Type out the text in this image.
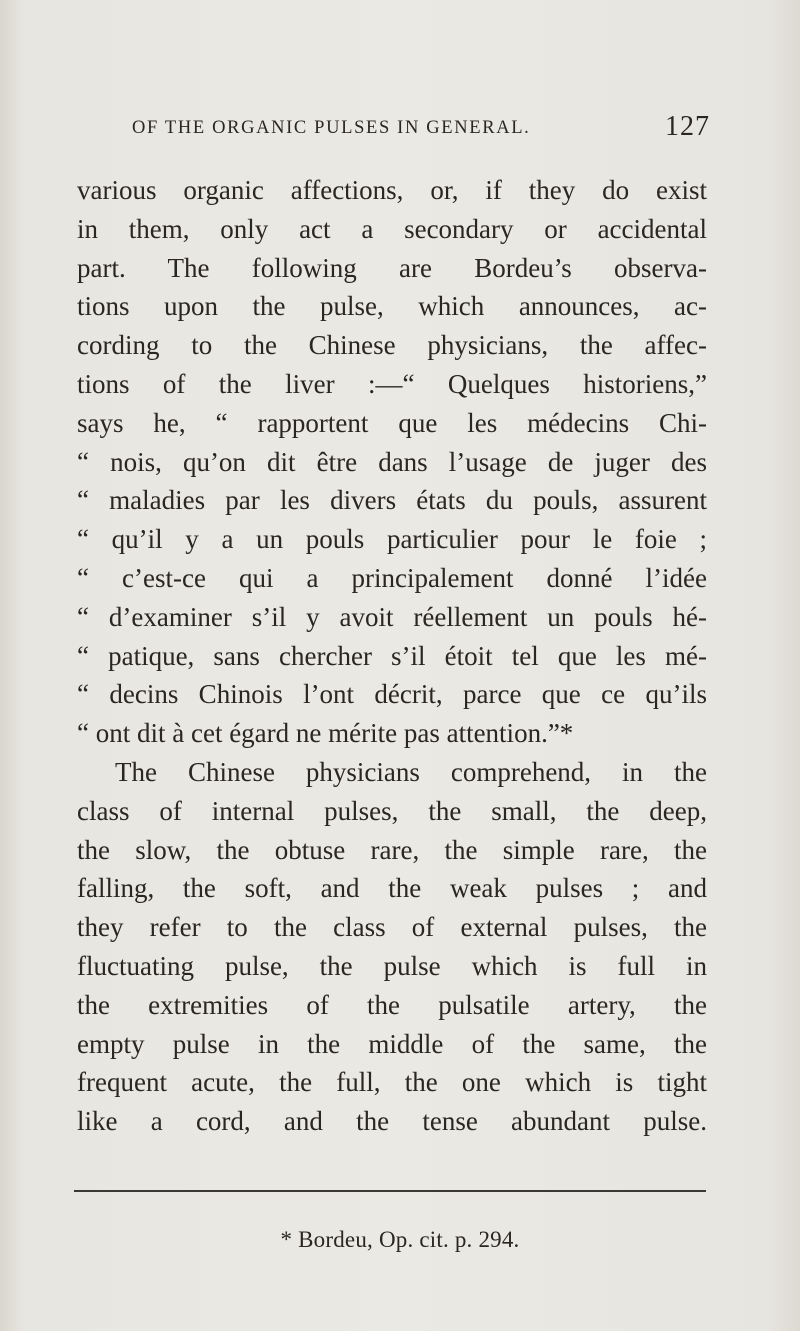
OF THE ORGANIC PULSES IN GENERAL.	127
various organic affections, or, if they do exist
in them, only act a secondary or accidental
part. The following are Bordeu’s observa-
tions upon the pulse, which announces, ac-
cording to the Chinese physicians, the affec-
tions of the liver :—“ Quelques historiens,”
says he, “ rapportent que les médecins Chi-
“ nois, qu’on dit être dans l’usage de juger des
“ maladies par les divers états du pouls, assurent
“ qu’il y a un pouls particulier pour le foie ;
“ c’est-ce qui a principalement donné l’idée
“ d’examiner s’il y avoit réellement un pouls hé-
“ patique, sans chercher s’il étoit tel que les mé-
“ decins Chinois l’ont décrit, parce que ce qu’ils
“ ont dit à cet égard ne mérite pas attention.”*
The Chinese physicians comprehend, in the
class of internal pulses, the small, the deep,
the slow, the obtuse rare, the simple rare, the
falling, the soft, and the weak pulses ; and
they refer to the class of external pulses, the
fluctuating pulse, the pulse which is full in
the extremities of the pulsatile artery, the
empty pulse in the middle of the same, the
frequent acute, the full, the one which is tight
like a cord, and the tense abundant pulse.
* Bordeu, Op. cit. p. 294.
